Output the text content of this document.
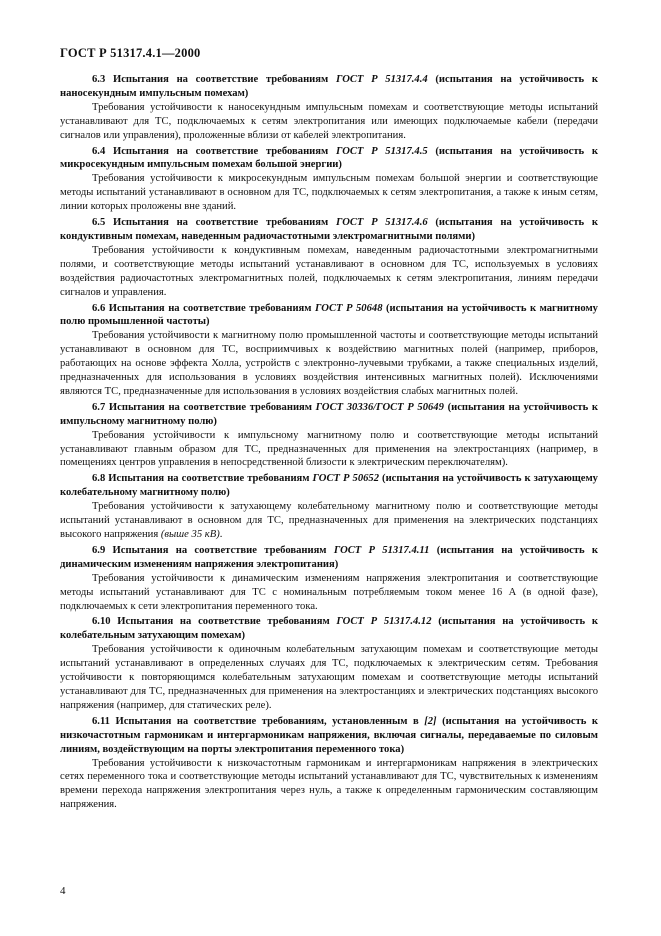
ГОСТ Р 51317.4.1—2000

6.3 Испытания на соответствие требованиям ГОСТ Р 51317.4.4 (испытания на устойчивость к наносекундным импульсным помехам)

Требования устойчивости к наносекундным импульсным помехам и соответствующие методы испытаний устанавливают для ТС, подключаемых к сетям электропитания или имеющих подключаемые кабели (передачи сигналов или управления), проложенные вблизи от кабелей электропитания.

6.4 Испытания на соответствие требованиям ГОСТ Р 51317.4.5 (испытания на устойчивость к микросекундным импульсным помехам большой энергии)

Требования устойчивости к микросекундным импульсным помехам большой энергии и соответствующие методы испытаний устанавливают в основном для ТС, подключаемых к сетям электропитания, а также к иным сетям, линии которых проложены вне зданий.

6.5 Испытания на соответствие требованиям ГОСТ Р 51317.4.6 (испытания на устойчивость к кондуктивным помехам, наведенным радиочастотными электромагнитными полями)

Требования устойчивости к кондуктивным помехам, наведенным радиочастотными электромагнитными полями, и соответствующие методы испытаний устанавливают в основном для ТС, используемых в условиях воздействия радиочастотных электромагнитных полей, подключаемых к сетям электропитания, линиям передачи сигналов и управления.

6.6 Испытания на соответствие требованиям ГОСТ Р 50648 (испытания на устойчивость к магнитному полю промышленной частоты)

Требования устойчивости к магнитному полю промышленной частоты и соответствующие методы испытаний устанавливают в основном для ТС, восприимчивых к воздействию магнитных полей (например, приборов, работающих на основе эффекта Холла, устройств с электронно-лучевыми трубками, а также специальных изделий, предназначенных для использования в условиях воздействия интенсивных магнитных полей). Исключениями являются ТС, предназначенные для использования в условиях воздействия слабых магнитных полей.

6.7 Испытания на соответствие требованиям ГОСТ 30336/ГОСТ Р 50649 (испытания на устойчивость к импульсному магнитному полю)

Требования устойчивости к импульсному магнитному полю и соответствующие методы испытаний устанавливают главным образом для ТС, предназначенных для применения на электростанциях (например, в помещениях центров управления в непосредственной близости к электрическим переключателям).

6.8 Испытания на соответствие требованиям ГОСТ Р 50652 (испытания на устойчивость к затухающему колебательному магнитному полю)

Требования устойчивости к затухающему колебательному магнитному полю и соответствующие методы испытаний устанавливают в основном для ТС, предназначенных для применения на электрических подстанциях высокого напряжения (выше 35 кВ).

6.9 Испытания на соответствие требованиям ГОСТ Р 51317.4.11 (испытания на устойчивость к динамическим изменениям напряжения электропитания)

Требования устойчивости к динамическим изменениям напряжения электропитания и соответствующие методы испытаний устанавливают для ТС с номинальным потребляемым током менее 16 А (в одной фазе), подключаемых к сети электропитания переменного тока.

6.10 Испытания на соответствие требованиям ГОСТ Р 51317.4.12 (испытания на устойчивость к колебательным затухающим помехам)

Требования устойчивости к одиночным колебательным затухающим помехам и соответствующие методы испытаний устанавливают в определенных случаях для ТС, подключаемых к электрическим сетям. Требования устойчивости к повторяющимся колебательным затухающим помехам и соответствующие методы испытаний устанавливают для ТС, предназначенных для применения на электростанциях и электрических подстанциях высокого напряжения (например, для статических реле).

6.11 Испытания на соответствие требованиям, установленным в [2] (испытания на устойчивость к низкочастотным гармоникам и интергармоникам напряжения, включая сигналы, передаваемые по силовым линиям, воздействующим на порты электропитания переменного тока)

Требования устойчивости к низкочастотным гармоникам и интергармоникам напряжения в электрических сетях переменного тока и соответствующие методы испытаний устанавливают для ТС, чувствительных к изменениям времени перехода напряжения электропитания через нуль, а также к определенным гармоническим составляющим напряжения.

4
